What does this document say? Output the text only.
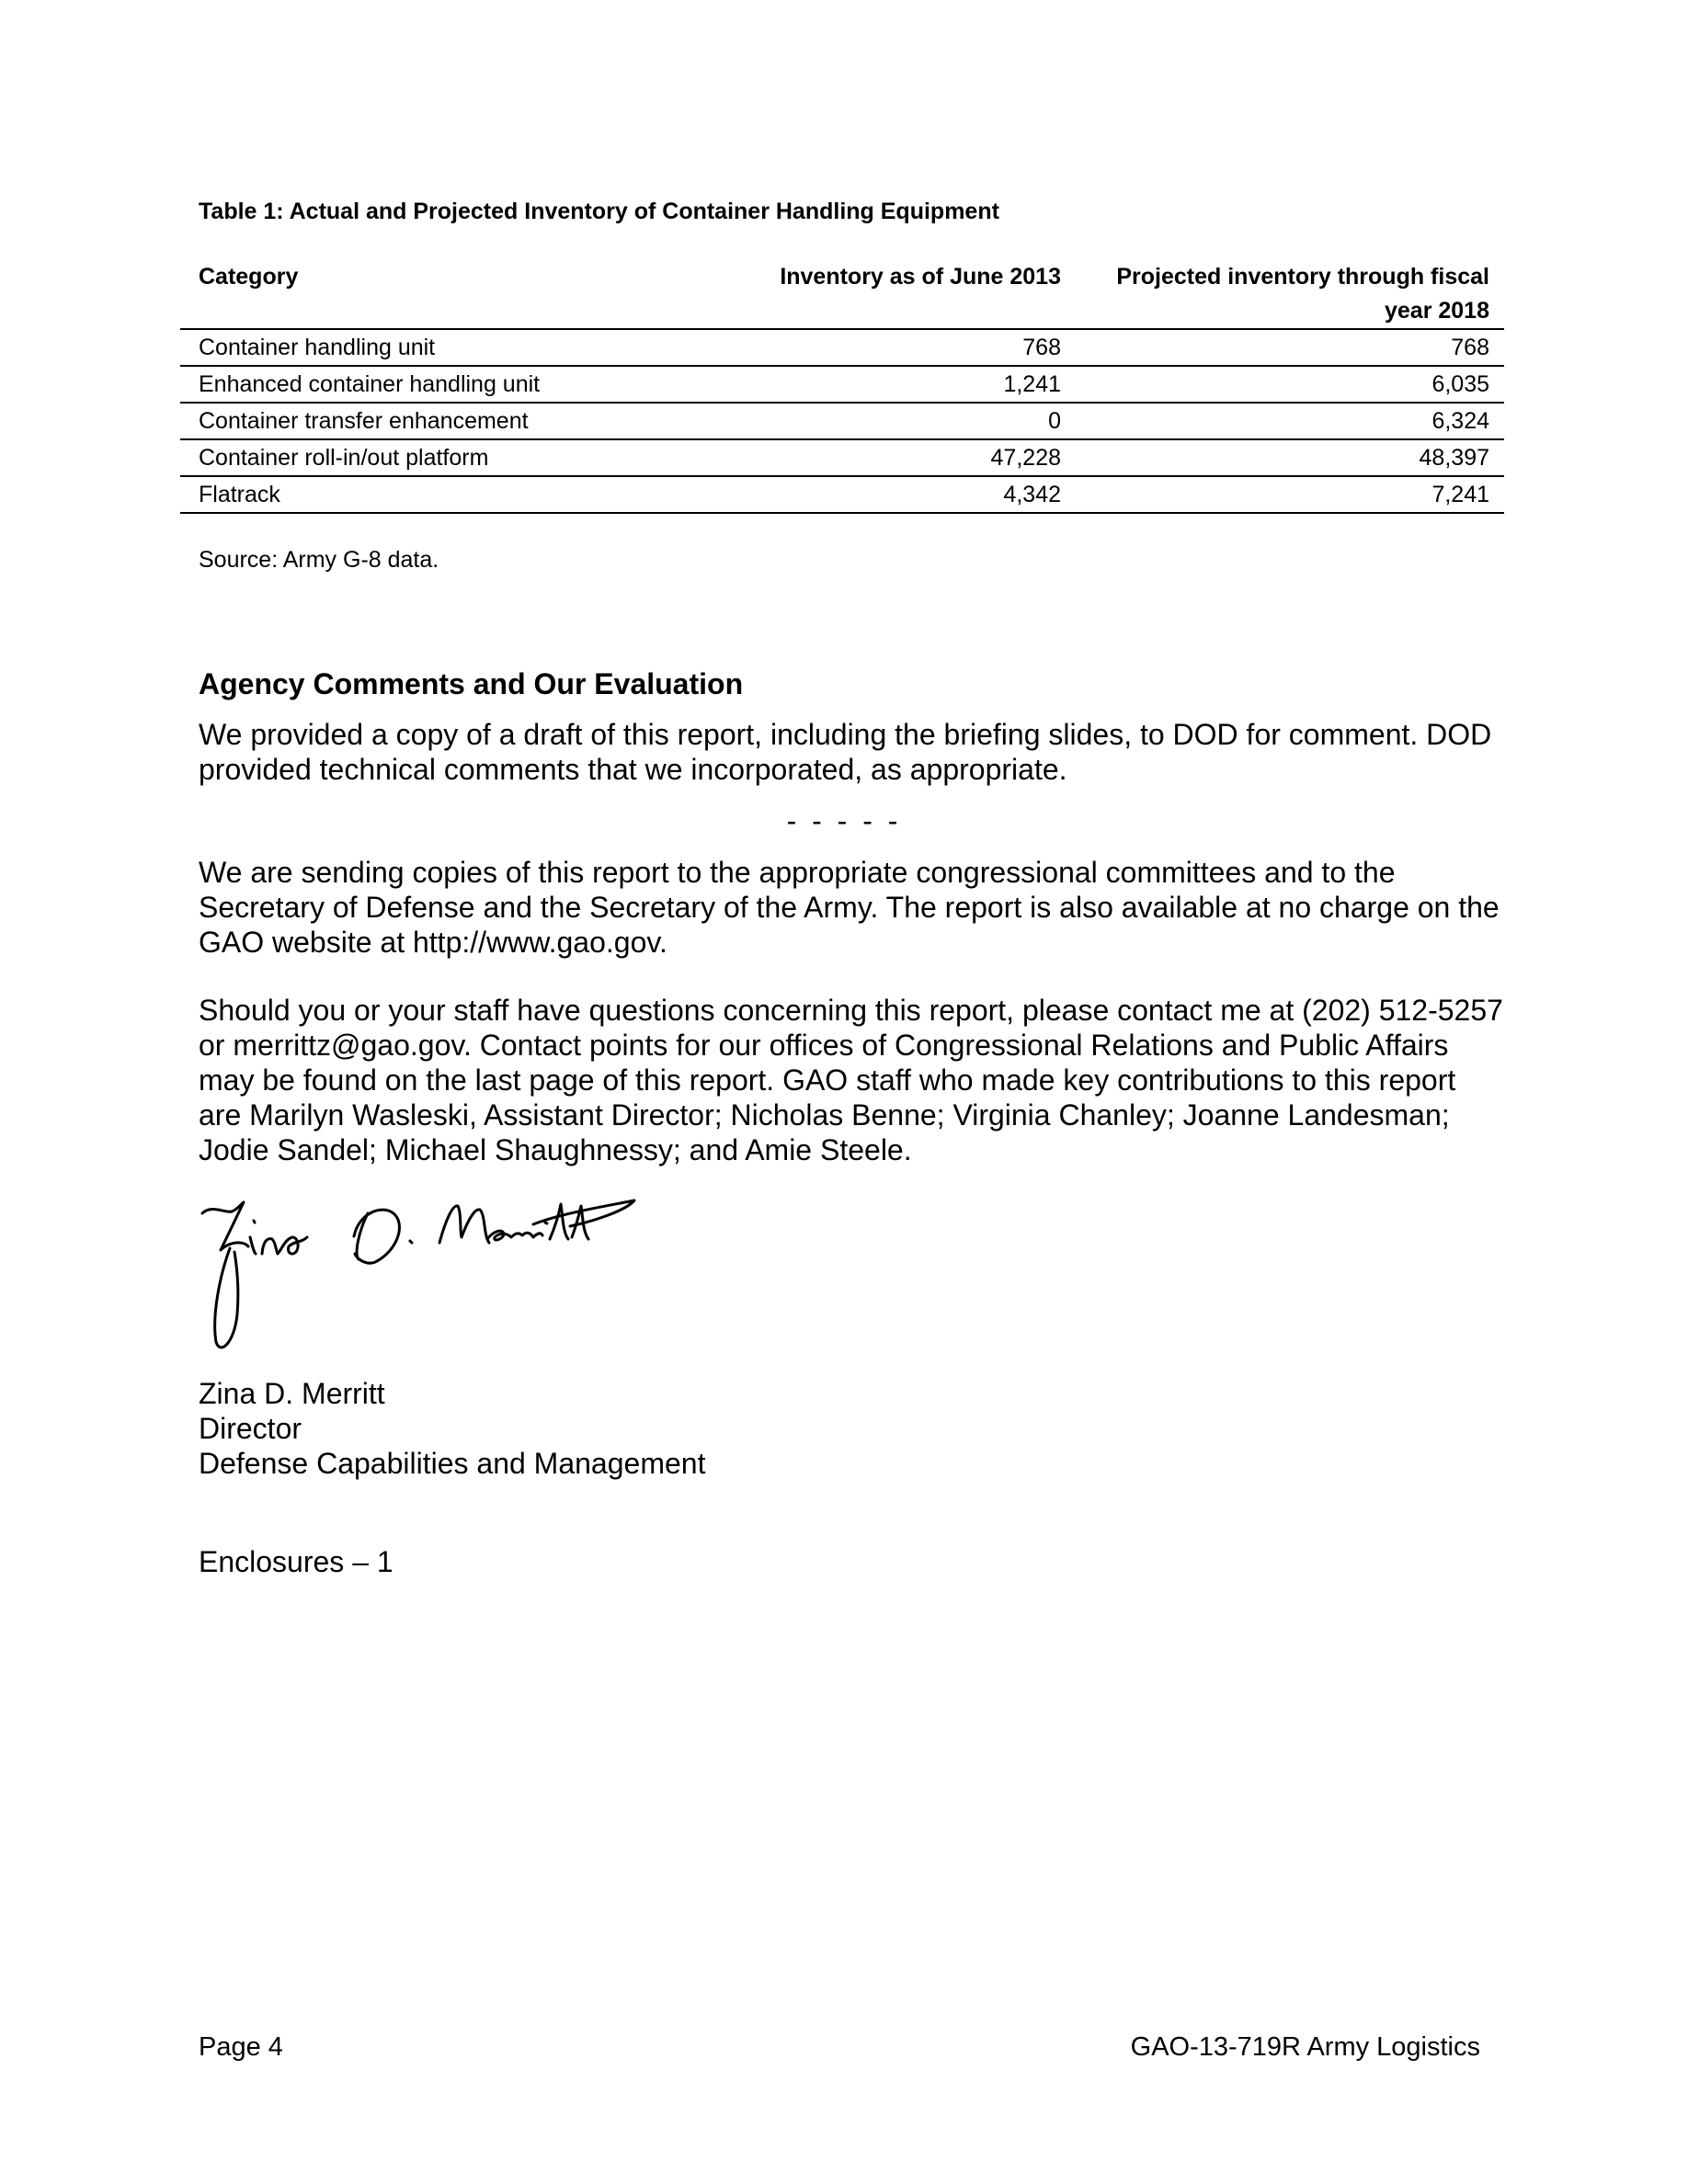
Table 1: Actual and Projected Inventory of Container Handling Equipment
Category	Inventory as of June 2013	Projected inventory through fiscal year 2018
Container handling unit	768	768
Enhanced container handling unit	1,241	6,035
Container transfer enhancement	0	6,324
Container roll-in/out platform	47,228	48,397
Flatrack	4,342	7,241
Source: Army G-8 data.
Agency Comments and Our Evaluation

We provided a copy of a draft of this report, including the briefing slides, to DOD for comment. DOD provided technical comments that we incorporated, as appropriate.

- - - - -

We are sending copies of this report to the appropriate congressional committees and to the Secretary of Defense and the Secretary of the Army. The report is also available at no charge on the GAO website at http://www.gao.gov.

Should you or your staff have questions concerning this report, please contact me at (202) 512-5257 or merrittz@gao.gov. Contact points for our offices of Congressional Relations and Public Affairs may be found on the last page of this report. GAO staff who made key contributions to this report are Marilyn Wasleski, Assistant Director; Nicholas Benne; Virginia Chanley; Joanne Landesman; Jodie Sandel; Michael Shaughnessy; and Amie Steele.

Zina D. Merritt
Director
Defense Capabilities and Management
Enclosures – 1
Page 4	GAO-13-719R Army Logistics
